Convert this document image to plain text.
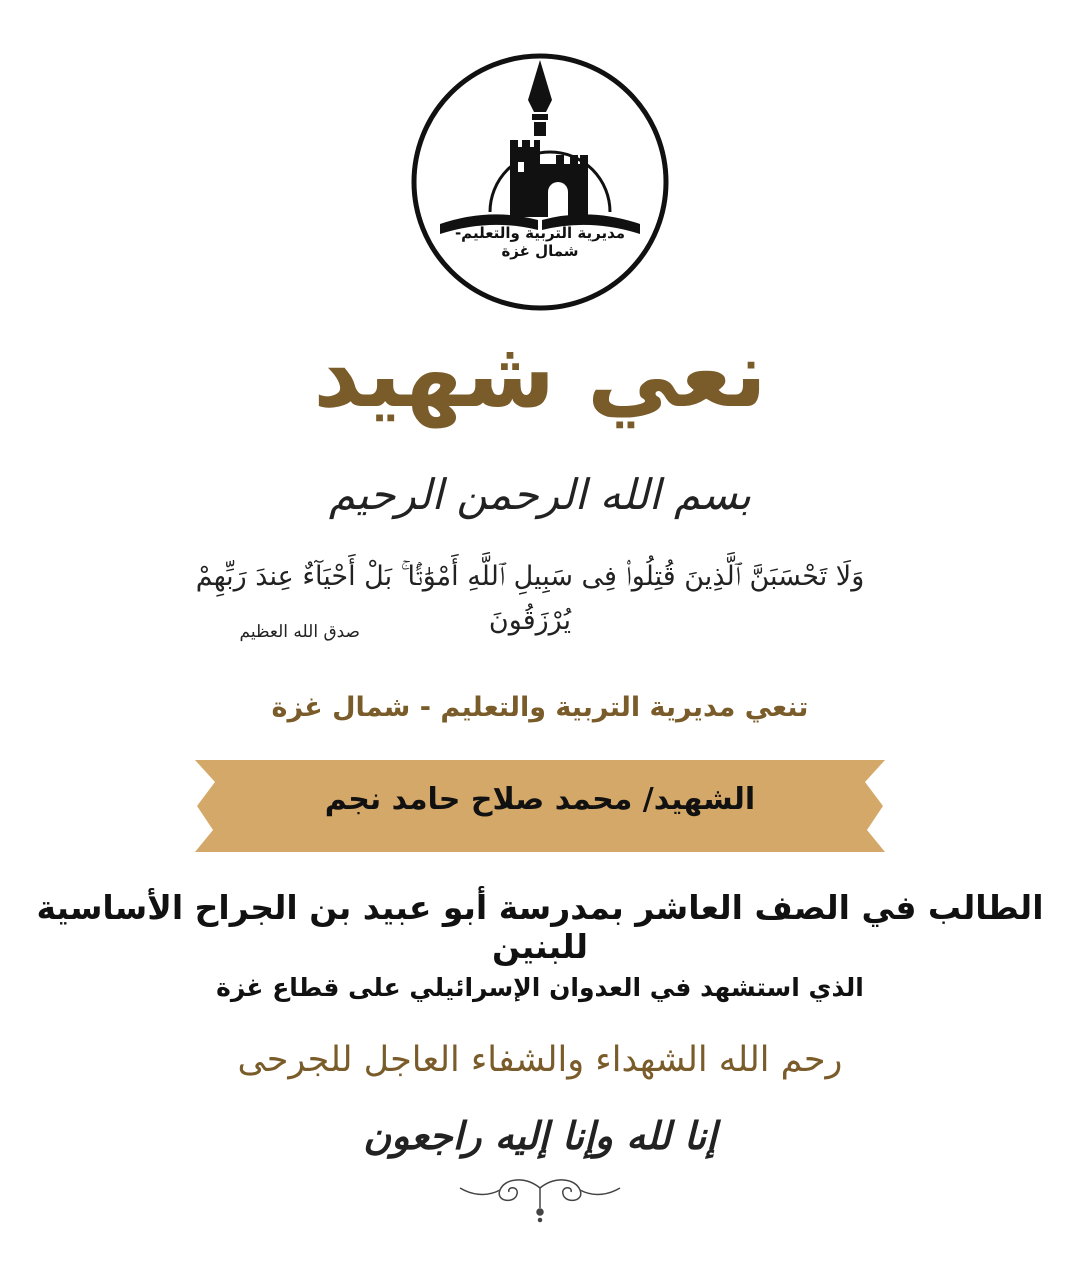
مديرية التربية والتعليم- شمال غزة
نعي شهيد
بسم الله الرحمن الرحيم
وَلَا تَحْسَبَنَّ ٱلَّذِينَ قُتِلُوا۟ فِى سَبِيلِ ٱللَّهِ أَمْوَٰتًۢا ۚ بَلْ أَحْيَآءٌ عِندَ رَبِّهِمْ يُرْزَقُونَ
صدق الله العظيم
تنعي مديرية التربية والتعليم - شمال غزة
الشهيد/ محمد صلاح حامد نجم
الطالب في الصف العاشر بمدرسة أبو عبيد بن الجراح الأساسية للبنين
الذي استشهد في العدوان الإسرائيلي على قطاع غزة
رحم الله الشهداء والشفاء العاجل للجرحى
إنا لله وإنا إليه راجعون
